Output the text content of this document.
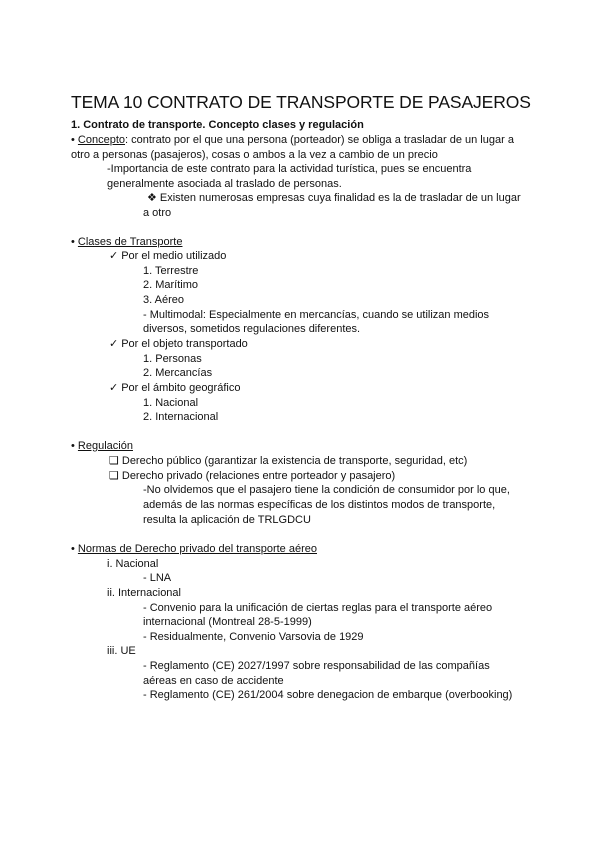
TEMA 10 CONTRATO DE TRANSPORTE DE PASAJEROS
1. Contrato de transporte. Concepto clases y regulación
• Concepto: contrato por el que una persona (porteador) se obliga a trasladar de un lugar a
otro a personas (pasajeros), cosas o ambos a la vez a cambio de un precio
-Importancia de este contrato para la actividad turística, pues se encuentra
generalmente asociada al traslado de personas.
❖ Existen numerosas empresas cuya finalidad es la de trasladar de un lugar
a otro
• Clases de Transporte
✓ Por el medio utilizado
1. Terrestre
2. Marítimo
3. Aéreo
- Multimodal: Especialmente en mercancías, cuando se utilizan medios
diversos, sometidos regulaciones diferentes.
✓ Por el objeto transportado
1. Personas
2. Mercancías
✓ Por el ámbito geográfico
1. Nacional
2. Internacional
• Regulación
❑ Derecho público (garantizar la existencia de transporte, seguridad, etc)
❑ Derecho privado (relaciones entre porteador y pasajero)
-No olvidemos que el pasajero tiene la condición de consumidor por lo que,
además de las normas específicas de los distintos modos de transporte,
resulta la aplicación de TRLGDCU
• Normas de Derecho privado del transporte aéreo
i. Nacional
- LNA
ii. Internacional
- Convenio para la unificación de ciertas reglas para el transporte aéreo
internacional (Montreal 28-5-1999)
- Residualmente, Convenio Varsovia de 1929
iii. UE
- Reglamento (CE) 2027/1997 sobre responsabilidad de las compañías
aéreas en caso de accidente
- Reglamento (CE) 261/2004 sobre denegacion de embarque (overbooking)
